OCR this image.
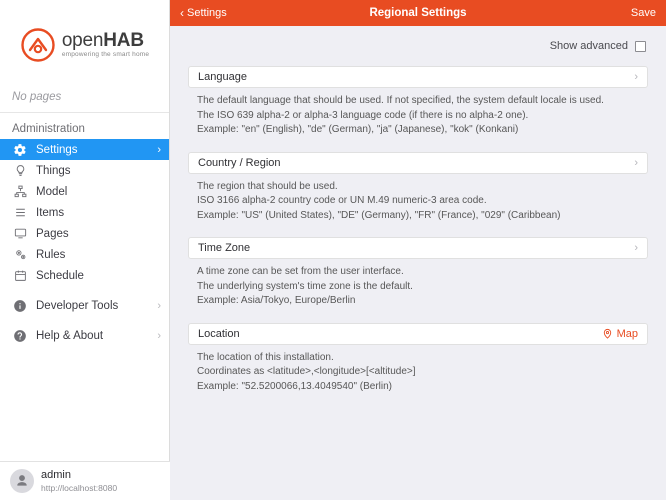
openHAB
empowering the smart home
No pages
Administration
Settings	›
Things
Model
Items
Pages
Rules
Schedule
Developer Tools	›
Help & About	›
admin
http://localhost:8080
‹ Settings	Regional Settings	Save
Show advanced
Language	›
The default language that should be used. If not specified, the system default locale is used.
The ISO 639 alpha-2 or alpha-3 language code (if there is no alpha-2 one).
Example: "en" (English), "de" (German), "ja" (Japanese), "kok" (Konkani)
Country / Region	›
The region that should be used.
ISO 3166 alpha-2 country code or UN M.49 numeric-3 area code.
Example: "US" (United States), "DE" (Germany), "FR" (France), "029" (Caribbean)
Time Zone	›
A time zone can be set from the user interface.
The underlying system's time zone is the default.
Example: Asia/Tokyo, Europe/Berlin
Location	Map
The location of this installation.
Coordinates as <latitude>,<longitude>[<altitude>]
Example: "52.5200066,13.4049540" (Berlin)
